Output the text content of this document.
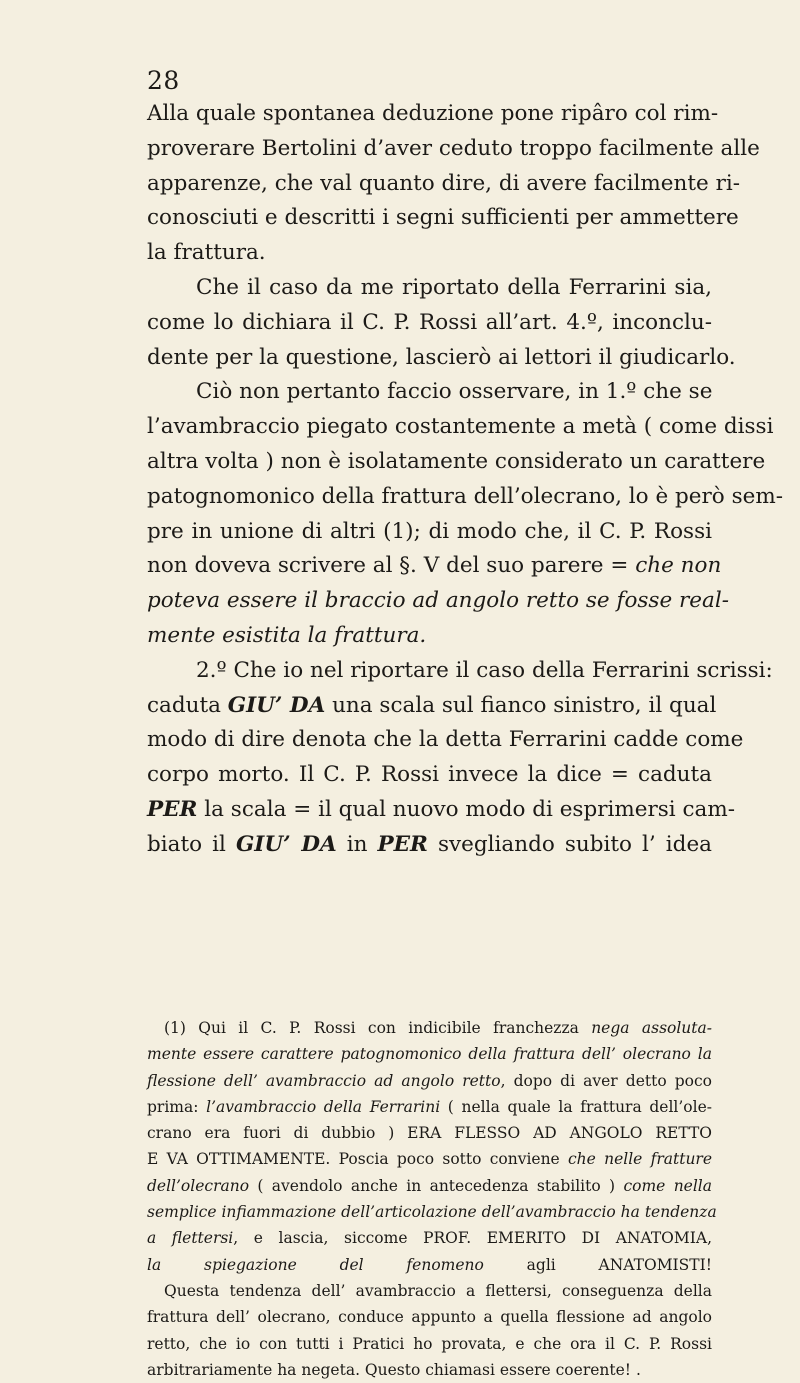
28
Alla quale spontanea deduzione pone ripâro col rim-
proverare Bertolini d’aver ceduto troppo facilmente alle
apparenze, che val quanto dire, di avere facilmente ri-
conosciuti e descritti i segni sufficienti per ammettere
la frattura.
Che il caso da me riportato della Ferrarini sia,
come lo dichiara il C. P. Rossi all’art. 4.º, inconclu-
dente per la questione, lascierò ai lettori il giudicarlo.
Ciò non pertanto faccio osservare, in 1.º che se
l’avambraccio piegato costantemente a metà ( come dissi
altra volta ) non è isolatamente considerato un carattere
patognomonico della frattura dell’olecrano, lo è però sem-
pre in unione di altri (1); di modo che, il C. P. Rossi
non doveva scrivere al §. V del suo parere = che non
poteva essere il braccio ad angolo retto se fosse real-
mente esistita la frattura.
2.º Che io nel riportare il caso della Ferrarini scrissi:
caduta GIU’ DA una scala sul fianco sinistro, il qual
modo di dire denota che la detta Ferrarini cadde come
corpo morto. Il C. P. Rossi invece la dice = caduta
PER la scala = il qual nuovo modo di esprimersi cam-
biato il GIU’ DA in PER svegliando subito l’ idea
(1) Qui il C. P. Rossi con indicibile franchezza nega assoluta-
mente essere carattere patognomonico della frattura dell’ olecrano la
flessione dell’ avambraccio ad angolo retto, dopo di aver detto poco
prima: l’avambraccio della Ferrarini ( nella quale la frattura dell’ole-
crano era fuori di dubbio ) ERA FLESSO AD ANGOLO RETTO
E VA OTTIMAMENTE. Poscia poco sotto conviene che nelle fratture
dell’olecrano ( avendolo anche in antecedenza stabilito ) come nella
semplice infiammazione dell’articolazione dell’avambraccio ha tendenza
a flettersi, e lascia, siccome PROF. EMERITO DI ANATOMIA,
la spiegazione del fenomeno agli ANATOMISTI!
Questa tendenza dell’ avambraccio a flettersi, conseguenza della
frattura dell’ olecrano, conduce appunto a quella flessione ad angolo
retto, che io con tutti i Pratici ho provata, e che ora il C. P. Rossi
arbitrariamente ha negeta. Questo chiamasi essere coerente! .
